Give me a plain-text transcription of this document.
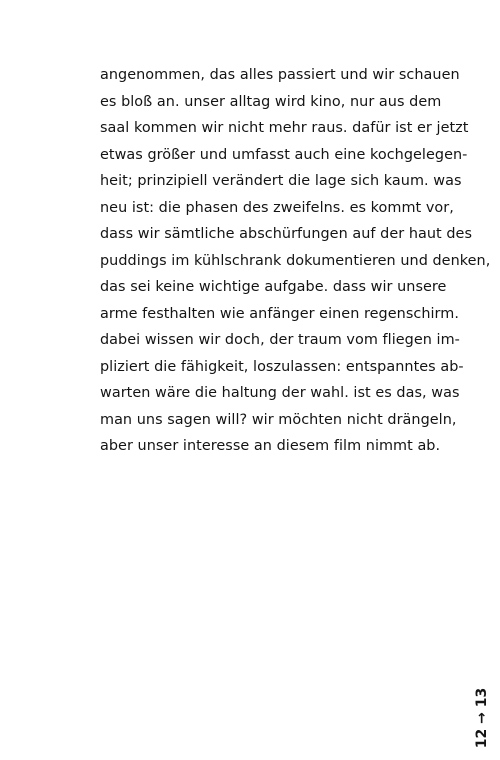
angenommen, das alles passiert und wir schauen
es bloß an. unser alltag wird kino, nur aus dem
saal kommen wir nicht mehr raus. dafür ist er jetzt
etwas größer und umfasst auch eine kochgelegen-
heit; prinzipiell verändert die lage sich kaum. was
neu ist: die phasen des zweifelns. es kommt vor,
dass wir sämtliche abschürfungen auf der haut des
puddings im kühlschrank dokumentieren und denken,
das sei keine wichtige aufgabe. dass wir unsere
arme festhalten wie anfänger einen regenschirm.
dabei wissen wir doch, der traum vom fliegen im-
pliziert die fähigkeit, loszulassen: entspanntes ab-
warten wäre die haltung der wahl. ist es das, was
man uns sagen will? wir möchten nicht drängeln,
aber unser interesse an diesem film nimmt ab.
12 → 13
